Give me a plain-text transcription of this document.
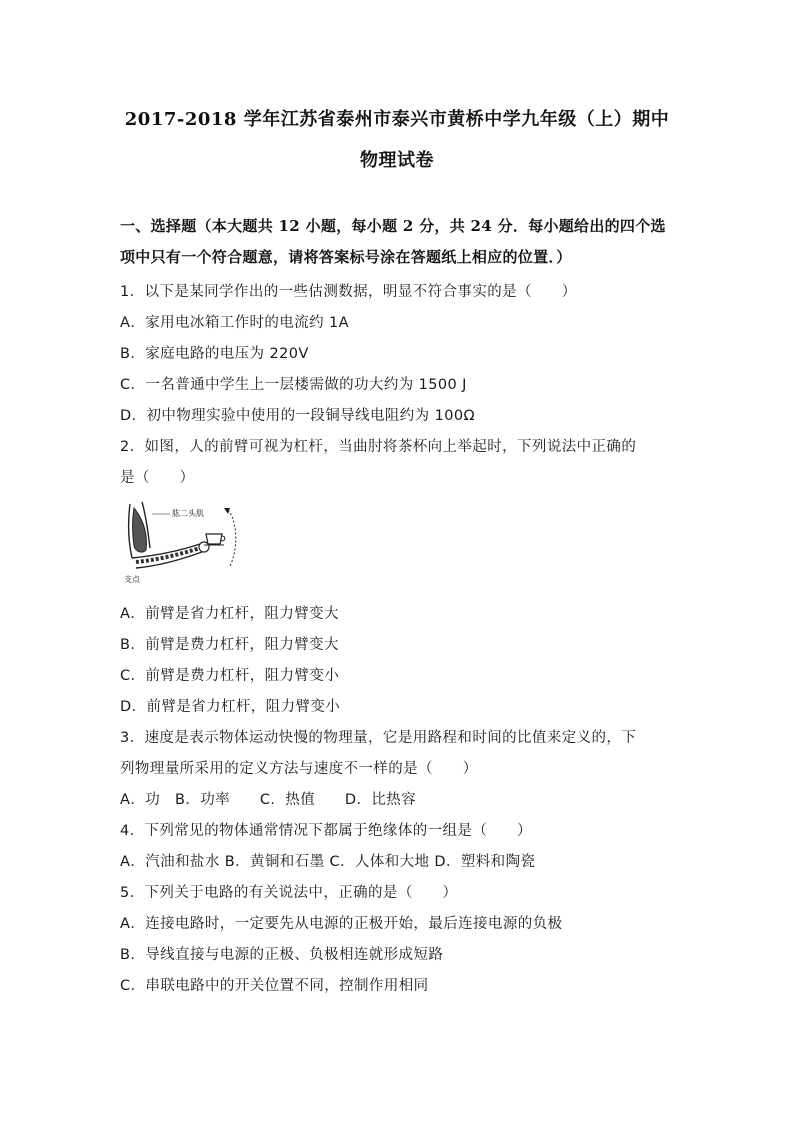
2017-2018 学年江苏省泰州市泰兴市黄桥中学九年级（上）期中
物理试卷
一、选择题（本大题共 12 小题，每小题 2 分，共 24 分．每小题给出的四个选
项中只有一个符合题意，请将答案标号涂在答题纸上相应的位置．）
1．以下是某同学作出的一些估测数据，明显不符合事实的是（　　）
A．家用电冰箱工作时的电流约 1A
B．家庭电路的电压为 220V
C．一名普通中学生上一层楼需做的功大约为 1500 J
D．初中物理实验中使用的一段铜导线电阻约为 100Ω
2．如图，人的前臂可视为杠杆，当曲肘将茶杯向上举起时，下列说法中正确的
是（　　）
肱二头肌
支点
A．前臂是省力杠杆，阻力臂变大
B．前臂是费力杠杆，阻力臂变大
C．前臂是费力杠杆，阻力臂变小
D．前臂是省力杠杆，阻力臂变小
3．速度是表示物体运动快慢的物理量，它是用路程和时间的比值来定义的，下
列物理量所采用的定义方法与速度不一样的是（　　）
A．功　B．功率　　C．热值　　D．比热容
4．下列常见的物体通常情况下都属于绝缘体的一组是（　　）
A．汽油和盐水 B．黄铜和石墨 C．人体和大地 D．塑料和陶瓷
5．下列关于电路的有关说法中，正确的是（　　）
A．连接电路时，一定要先从电源的正极开始，最后连接电源的负极
B．导线直接与电源的正极、负极相连就形成短路
C．串联电路中的开关位置不同，控制作用相同
